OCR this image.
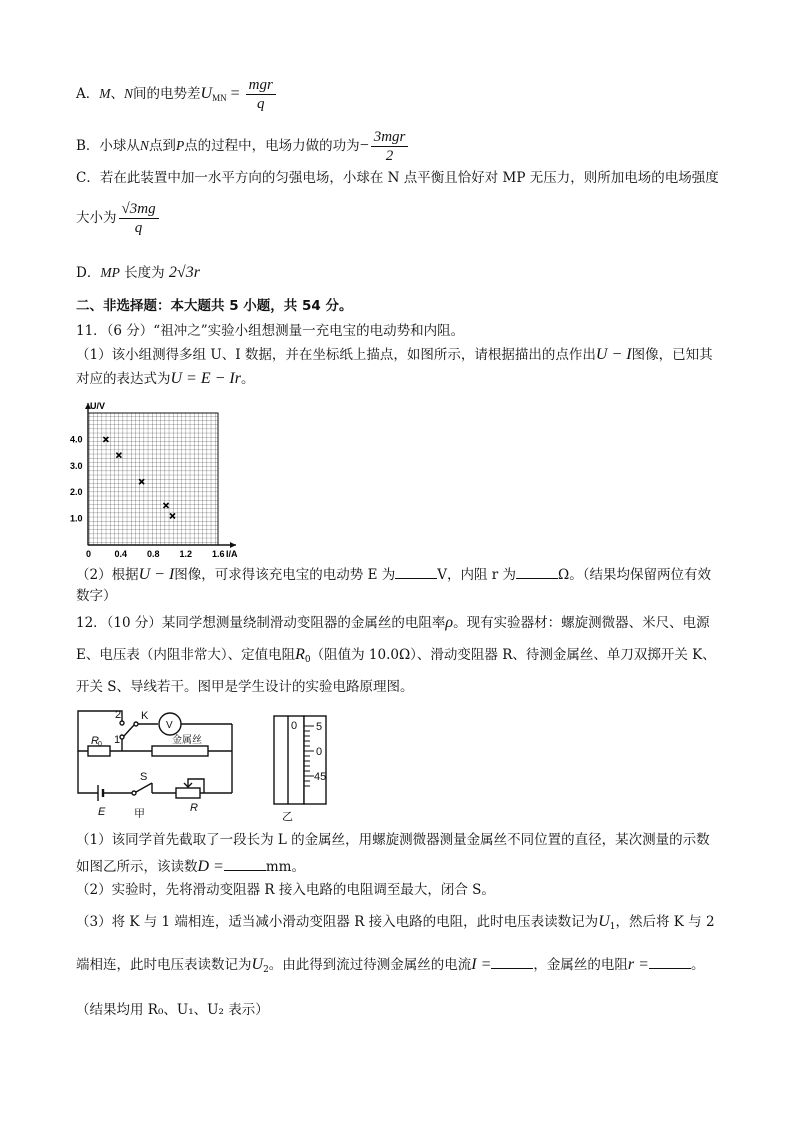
A．M、N间的电势差$U_{MN} = \frac{\text{mgr}}{q}$
B．小球从N点到P点的过程中，电场力做的功为− $\frac{\text{3mgr}}{2}$
C．若在此装置中加一水平方向的匀强电场，小球在 N 点平衡且恰好对 MP 无压力，则所加电场的电场强度
大小为 $\frac{√3mg}{q}$
D．MP 长度为 2√3r
二、非选择题：本大题共 5 小题，共 54 分。
11．（6 分）“祖冲之”实验小组想测量一充电宝的电动势和内阻。
（1）该小组测得多组 U、I 数据，并在坐标纸上描点，如图所示，请根据描出的点作出U − I图像，已知其
对应的表达式为U = E − Ir。
U/V
I/A
0	0.4 0.8 1.2 1.6
1.0
2.0
3.0
4.0
（2）根据U − I图像，可求得该充电宝的电动势 E 为	V，内阻 r 为	Ω。（结果均保留两位有效
数字）
12．（10 分）某同学想测量绕制滑动变阻器的金属丝的电阻率ρ。现有实验器材：螺旋测微器、米尺、电源
E、电压表（内阻非常大）、定值电阻$R_0$（阻值为 10.0Ω）、滑动变阻器 R、待测金属丝、单刀双掷开关 K、
开关 S、导线若干。图甲是学生设计的实验电路原理图。
2 K
V
1
R 0	金属丝
S
E	R
甲
0 5
0
45
乙
（1）该同学首先截取了一段长为 L 的金属丝，用螺旋测微器测量金属丝不同位置的直径，某次测量的示数
如图乙所示，该读数D =	mm。
（2）实验时，先将滑动变阻器 R 接入电路的电阻调至最大，闭合 S。
（3）将 K 与 1 端相连，适当减小滑动变阻器 R 接入电路的电阻，此时电压表读数记为$U_1$，然后将 K 与 2
端相连，此时电压表读数记为$U_2$。由此得到流过待测金属丝的电流I =	，金属丝的电阻r =	。
（结果均用 R₀、U₁、U₂ 表示）
